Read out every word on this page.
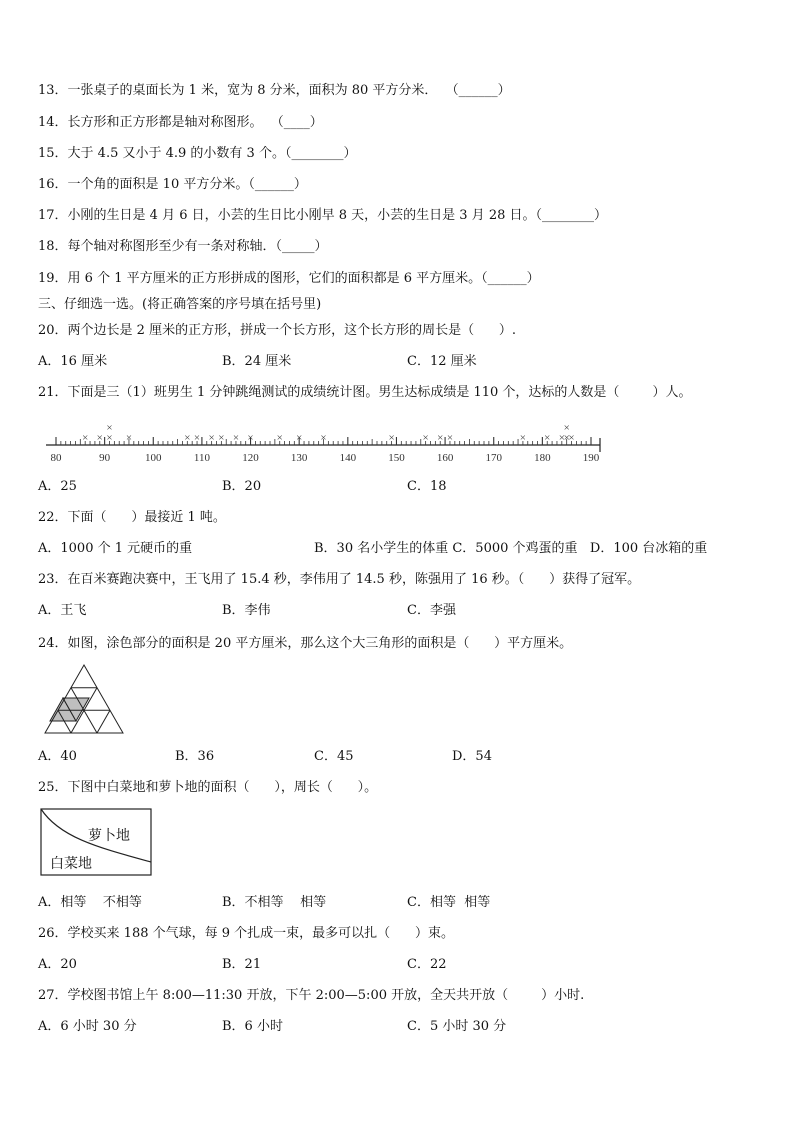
13．一张桌子的桌面长为 1 米，宽为 8 分米，面积为 80 平方分米．  （______）
14．长方形和正方形都是轴对称图形。  （____）
15．大于 4.5 又小于 4.9 的小数有 3 个。（________）
16．一个角的面积是 10 平方分米。（______）
17．小刚的生日是 4 月 6 日，小芸的生日比小刚早 8 天，小芸的生日是 3 月 28 日。（________）
18．每个轴对称图形至少有一条对称轴．（_____）
19．用 6 个 1 平方厘米的正方形拼成的图形，它们的面积都是 6 平方厘米。（______）
三、仔细选一选。(将正确答案的序号填在括号里)
20．两个边长是 2 厘米的正方形，拼成一个长方形，这个长方形的周长是（      ）.
A．16 厘米	B．24 厘米	C．12 厘米
21．下面是三（1）班男生 1 分钟跳绳测试的成绩统计图。男生达标成绩是 110 个，达标的人数是（        ）人。
80	90	100	110	120	130	140	150	160	170	180	190
× × ×
×
×	× × × × × × × × ×	×	× × ×	× × ×
×
×
×
A．25	B．20	C．18
22．下面（      ）最接近 1 吨。
A．1000 个 1 元硬币的重	B．30 名小学生的体重 C．5000 个鸡蛋的重   D．100 台冰箱的重
23．在百米赛跑决赛中，王飞用了 15.4 秒，李伟用了 14.5 秒，陈强用了 16 秒。（      ）获得了冠军。
A．王飞	B．李伟	C．李强
24．如图，涂色部分的面积是 20 平方厘米，那么这个大三角形的面积是（      ）平方厘米。
A．40	B．36	C．45	D．54
25．下图中白菜地和萝卜地的面积（      ），周长（      ）。
萝卜地
白菜地
A．相等    不相等	B．不相等    相等	C．相等  相等
26．学校买来 188 个气球，每 9 个扎成一束，最多可以扎（      ）束。
A．20	B．21	C．22
27．学校图书馆上午 8:00—11:30 开放，下午 2:00—5:00 开放，全天共开放（        ）小时.
A．6 小时 30 分	B．6 小时	C．5 小时 30 分
